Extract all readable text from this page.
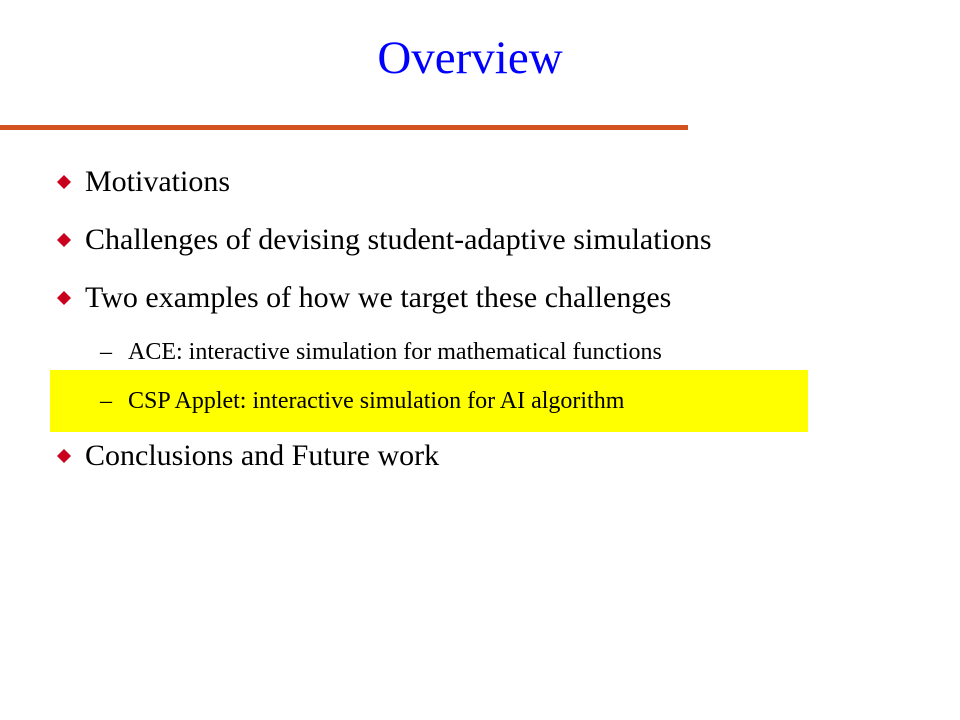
Overview
Motivations
Challenges of devising student-adaptive simulations
Two examples of how we target these challenges
– ACE: interactive simulation for mathematical functions
– CSP Applet: interactive simulation for AI algorithm
Conclusions and Future work
